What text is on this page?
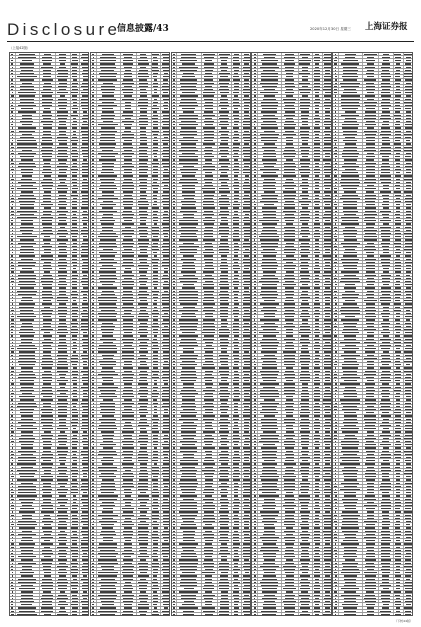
Disclosure
信息披露/43	2020年12月30日 星期三 上海证券报
（上接42版）
（下转44版）
